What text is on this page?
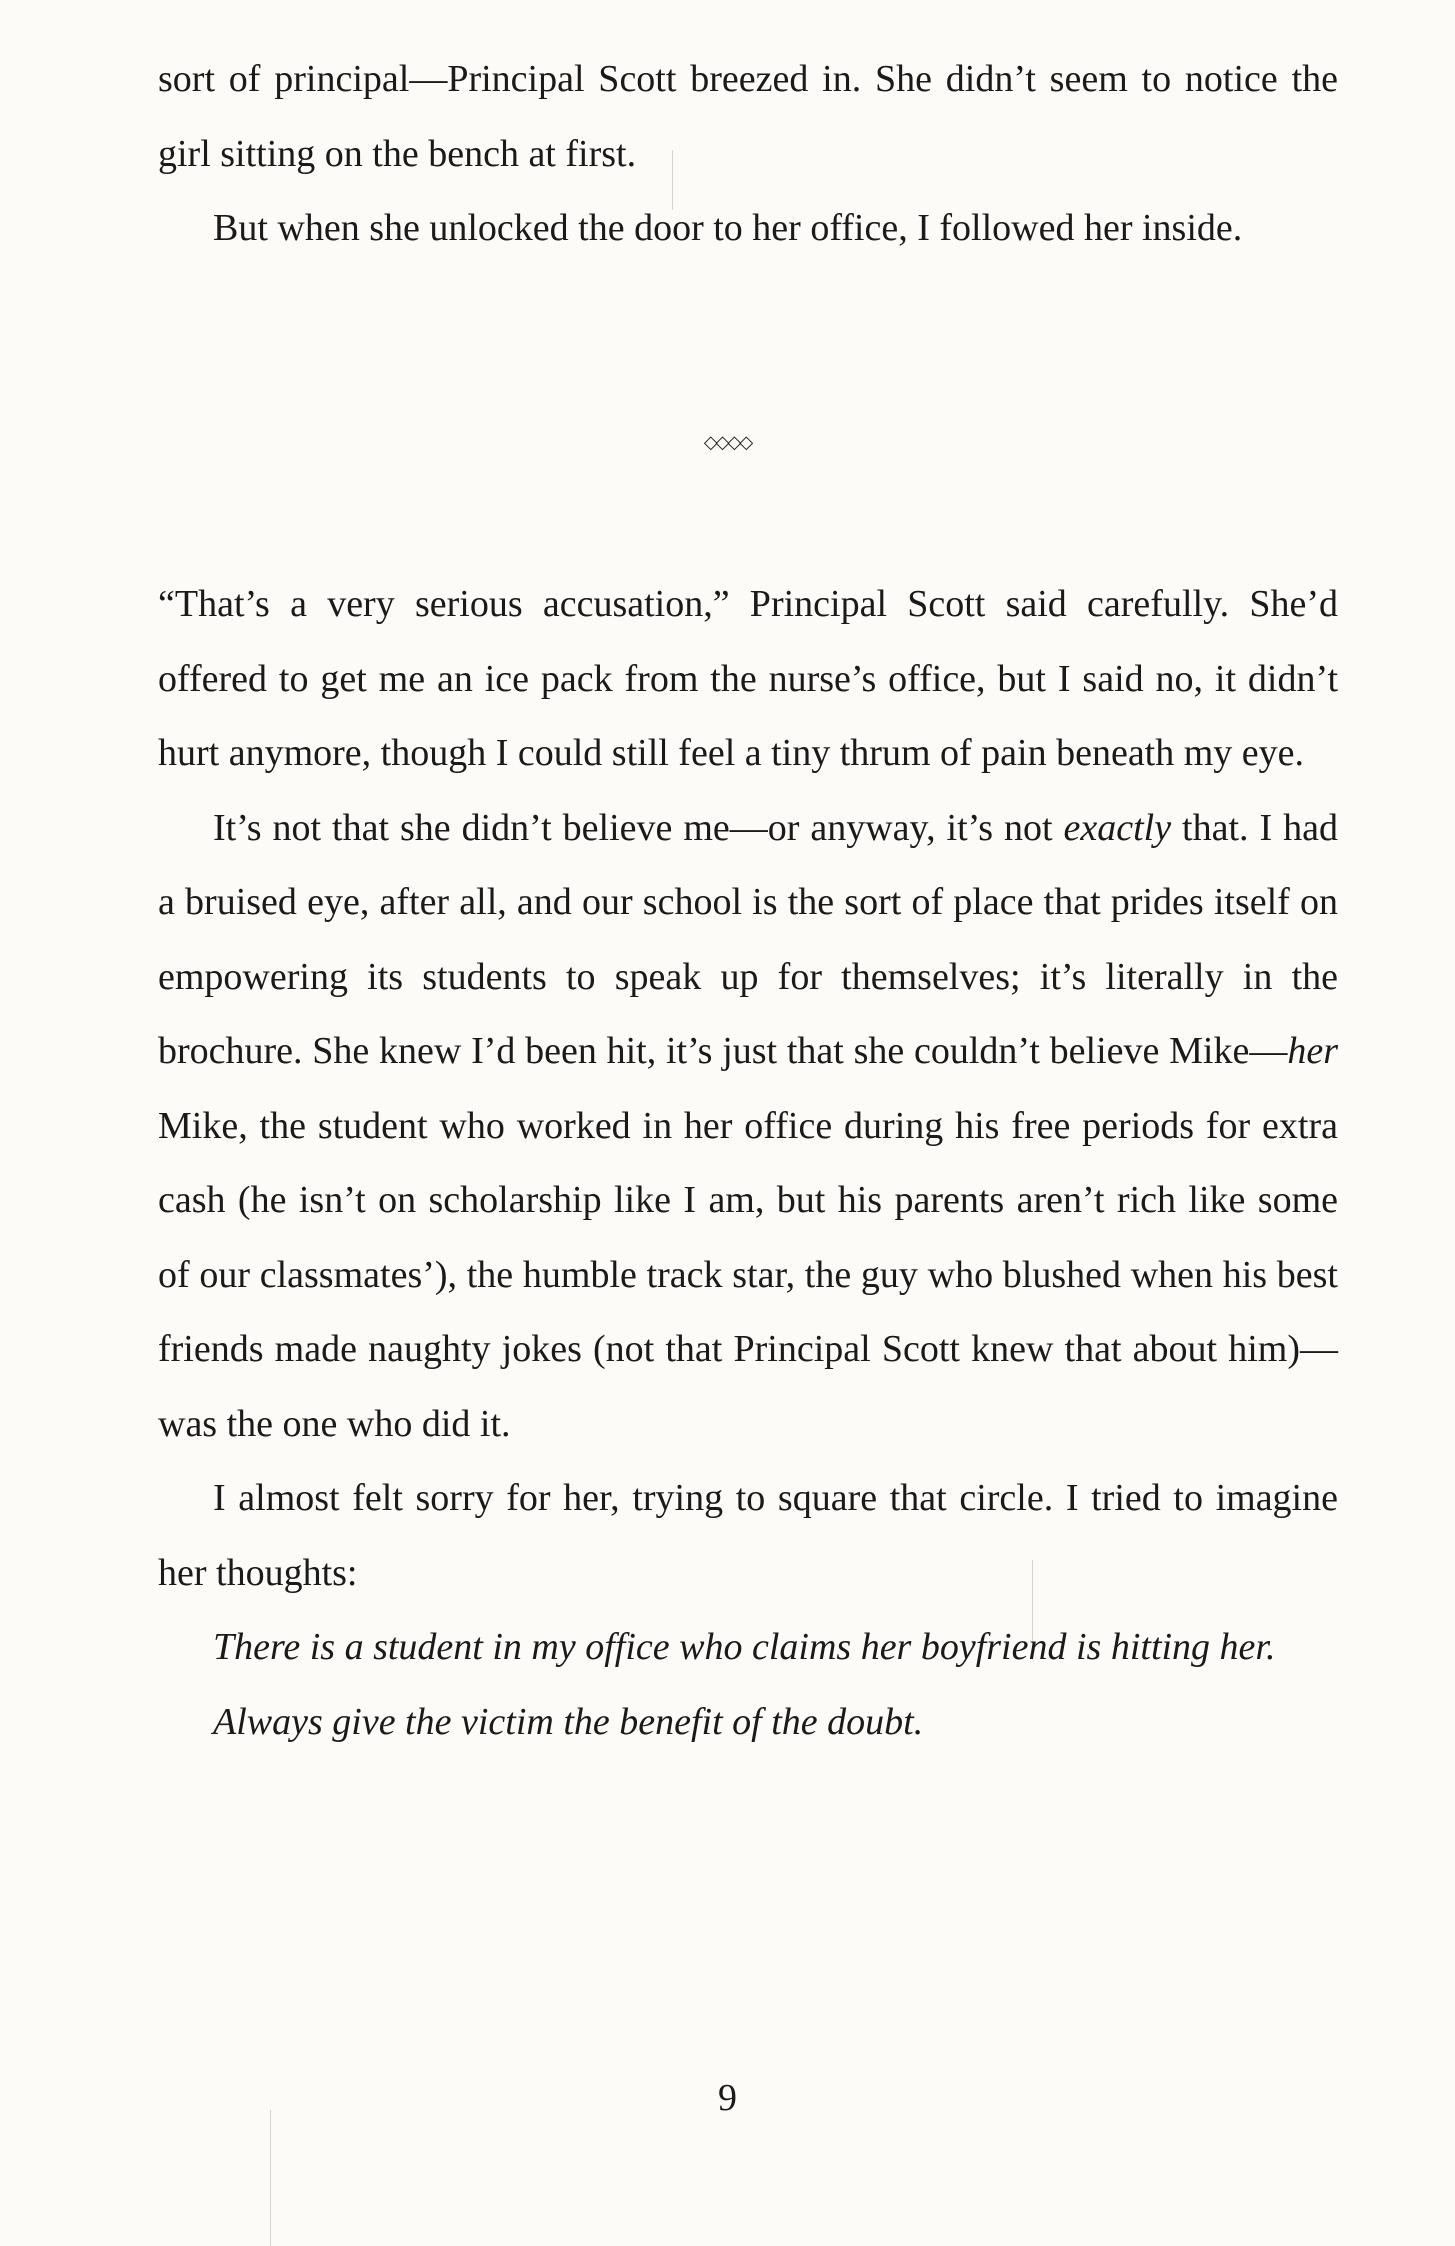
sort of principal—Principal Scott breezed in. She didn’t seem to notice the girl sitting on the bench at first.

But when she unlocked the door to her office, I followed her inside.

◇◇◇◇

“That’s a very serious accusation,” Principal Scott said carefully. She’d offered to get me an ice pack from the nurse’s office, but I said no, it didn’t hurt anymore, though I could still feel a tiny thrum of pain beneath my eye.

It’s not that she didn’t believe me—or anyway, it’s not exactly that. I had a bruised eye, after all, and our school is the sort of place that prides itself on empowering its students to speak up for themselves; it’s literally in the brochure. She knew I’d been hit, it’s just that she couldn’t believe Mike—her Mike, the student who worked in her office during his free periods for extra cash (he isn’t on scholarship like I am, but his parents aren’t rich like some of our classmates’), the humble track star, the guy who blushed when his best friends made naughty jokes (not that Principal Scott knew that about him)—was the one who did it.

I almost felt sorry for her, trying to square that circle. I tried to imagine her thoughts:

There is a student in my office who claims her boyfriend is hitting her.

Always give the victim the benefit of the doubt.

9
